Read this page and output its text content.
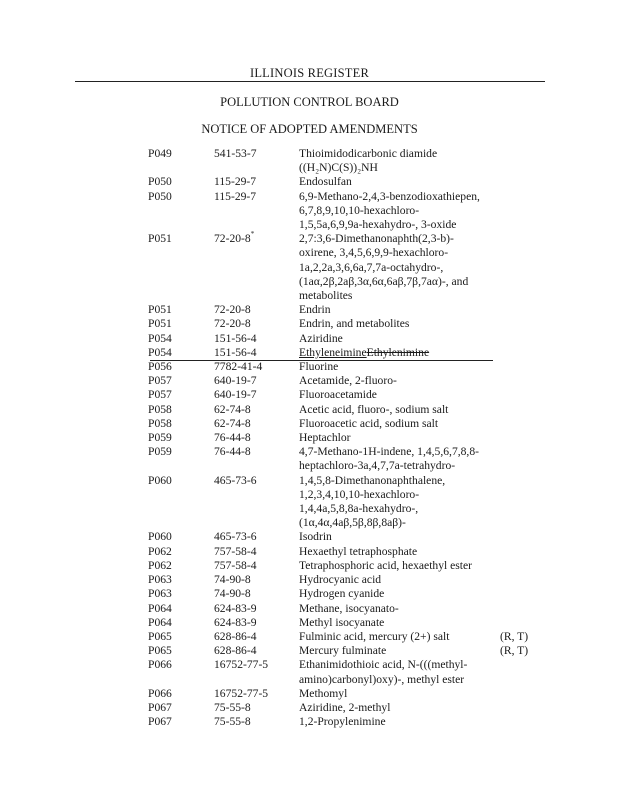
ILLINOIS REGISTER
POLLUTION CONTROL BOARD
NOTICE OF ADOPTED AMENDMENTS
P049	541-53-7	Thioimidodicarbonic diamide
((H₂N)C(S))₂NH
P050	115-29-7	Endosulfan
P050	115-29-7	6,9-Methano-2,4,3-benzodioxathiepen,
6,7,8,9,10,10-hexachloro-
1,5,5a,6,9,9a-hexahydro-, 3-oxide
P051	72-20-8*	2,7:3,6-Dimethanonaphth(2,3-b)-
oxirene, 3,4,5,6,9,9-hexachloro-
1a,2,2a,3,6,6a,7,7a-octahydro-,
(1aα,2β,2aβ,3α,6α,6aβ,7β,7aα)-, and
metabolites
P051	72-20-8	Endrin
P051	72-20-8	Endrin, and metabolites
P054	151-56-4	Aziridine
P054	151-56-4	EthyleneimineEthylenimine
P056	7782-41-4	Fluorine
P057	640-19-7	Acetamide, 2-fluoro-
P057	640-19-7	Fluoroacetamide
P058	62-74-8	Acetic acid, fluoro-, sodium salt
P058	62-74-8	Fluoroacetic acid, sodium salt
P059	76-44-8	Heptachlor
P059	76-44-8	4,7-Methano-1H-indene, 1,4,5,6,7,8,8-
heptachloro-3a,4,7,7a-tetrahydro-
P060	465-73-6	1,4,5,8-Dimethanonaphthalene,
1,2,3,4,10,10-hexachloro-
1,4,4a,5,8,8a-hexahydro-,
(1α,4α,4aβ,5β,8β,8aβ)-
P060	465-73-6	Isodrin
P062	757-58-4	Hexaethyl tetraphosphate
P062	757-58-4	Tetraphosphoric acid, hexaethyl ester
P063	74-90-8	Hydrocyanic acid
P063	74-90-8	Hydrogen cyanide
P064	624-83-9	Methane, isocyanato-
P064	624-83-9	Methyl isocyanate
P065	628-86-4	Fulminic acid, mercury (2+) salt	(R, T)
P065	628-86-4	Mercury fulminate	(R, T)
P066	16752-77-5	Ethanimidothioic acid, N-(((methyl-
amino)carbonyl)oxy)-, methyl ester
P066	16752-77-5	Methomyl
P067	75-55-8	Aziridine, 2-methyl
P067	75-55-8	1,2-Propylenimine
